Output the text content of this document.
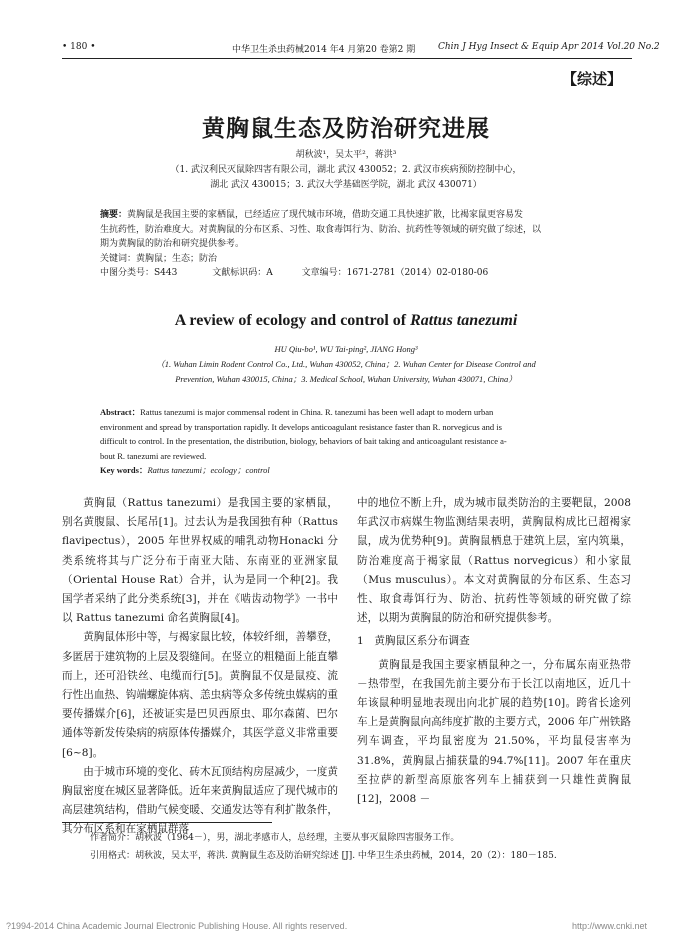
• 180 •	中华卫生杀虫药械2014 年4 月第20 卷第2 期	Chin J Hyg Insect & Equip Apr 2014 Vol.20 No.2
【综述】
黄胸鼠生态及防治研究进展
胡秋波¹，吴太平²，蒋洪³
（1. 武汉利民灭鼠除四害有限公司，湖北 武汉 430052；2. 武汉市疾病预防控制中心，
湖北 武汉 430015；3. 武汉大学基础医学院，湖北 武汉 430071）
摘要：黄胸鼠是我国主要的家栖鼠，已经适应了现代城市环境，借助交通工具快速扩散，比褐家鼠更容易发
生抗药性，防治难度大。对黄胸鼠的分布区系、习性、取食毒饵行为、防治、抗药性等领域的研究做了综述，以
期为黄胸鼠的防治和研究提供参考。
关键词：黄胸鼠；生态；防治
中图分类号：S443	文献标识码：A	文章编号：1671-2781（2014）02-0180-06
A review of ecology and control of Rattus tanezumi
HU Qiu-bo¹, WU Tai-ping², JIANG Hong³
（1. Wuhan Limin Rodent Control Co., Ltd., Wuhan 430052, China；2. Wuhan Center for Disease Control and
Prevention, Wuhan 430015, China；3. Medical School, Wuhan University, Wuhan 430071, China）
Abstract：Rattus tanezumi is major commensal rodent in China. R. tanezumi has been well adapt to modern urban
environment and spread by transportation rapidly. It develops anticoagulant resistance faster than R. norvegicus and is
difficult to control. In the presentation, the distribution, biology, behaviors of bait taking and anticoagulant resistance a-
bout R. tanezumi are reviewed.
Key words：Rattus tanezumi；ecology；control

黄胸鼠（Rattus tanezumi）是我国主要的家栖鼠，别名黄腹鼠、长尾吊[1]。过去认为是我国独有种（Rattus flavipectus），2005 年世界权威的哺乳动物Honacki 分类系统将其与广泛分布于南亚大陆、东南亚的亚洲家鼠（Oriental House Rat）合并，认为是同一个种[2]。我国学者采纳了此分类系统[3]，并在《啮齿动物学》一书中以 Rattus tanezumi 命名黄胸鼠[4]。

黄胸鼠体形中等，与褐家鼠比较，体较纤细，善攀登，多匿居于建筑物的上层及裂缝间。在竖立的粗糙面上能直攀而上，还可沿铁丝、电缆而行[5]。黄胸鼠不仅是鼠疫、流行性出血热、钩端螺旋体病、恙虫病等众多传统虫媒病的重要传播媒介[6]，还被证实是巴贝西原虫、耶尔森菌、巴尔通体等新发传染病的病原体传播媒介，其医学意义非常重要[6~8]。

由于城市环境的变化、砖木瓦顶结构房屋减少，一度黄胸鼠密度在城区显著降低。近年来黄胸鼠适应了现代城市的高层建筑结构，借助气候变暖、交通发达等有利扩散条件，其分布区系和在家栖鼠群落

中的地位不断上升，成为城市鼠类防治的主要靶鼠，2008 年武汉市病媒生物监测结果表明，黄胸鼠构成比已超褐家鼠，成为优势种[9]。黄胸鼠栖息于建筑上层，室内筑巢，防治难度高于褐家鼠（Rattus norvegicus）和小家鼠（Mus musculus）。本文对黄胸鼠的分布区系、生态习性、取食毒饵行为、防治、抗药性等领域的研究做了综述，以期为黄胸鼠的防治和研究提供参考。

1　黄胸鼠区系分布调查

黄胸鼠是我国主要家栖鼠种之一，分布属东南亚热带－热带型，在我国先前主要分布于长江以南地区，近几十年该鼠种明显地表现出向北扩展的趋势[10]。跨省长途列车上是黄胸鼠向高纬度扩散的主要方式，2006 年广州铁路列车调查，平均鼠密度为 21.50%，平均鼠侵害率为 31.8%，黄胸鼠占捕获量的94.7%[11]。2007 年在重庆至拉萨的新型高原旅客列车上捕获到一只雄性黄胸鼠[12]，2008 －

作者简介：胡秋波（1964－），男，湖北孝感市人，总经理，主要从事灭鼠除四害服务工作。
引用格式：胡秋波，吴太平，蒋洪. 黄胸鼠生态及防治研究综述 [J]. 中华卫生杀虫药械，2014，20（2）：180－185.
?1994-2014 China Academic Journal Electronic Publishing House. All rights reserved.	http://www.cnki.net
